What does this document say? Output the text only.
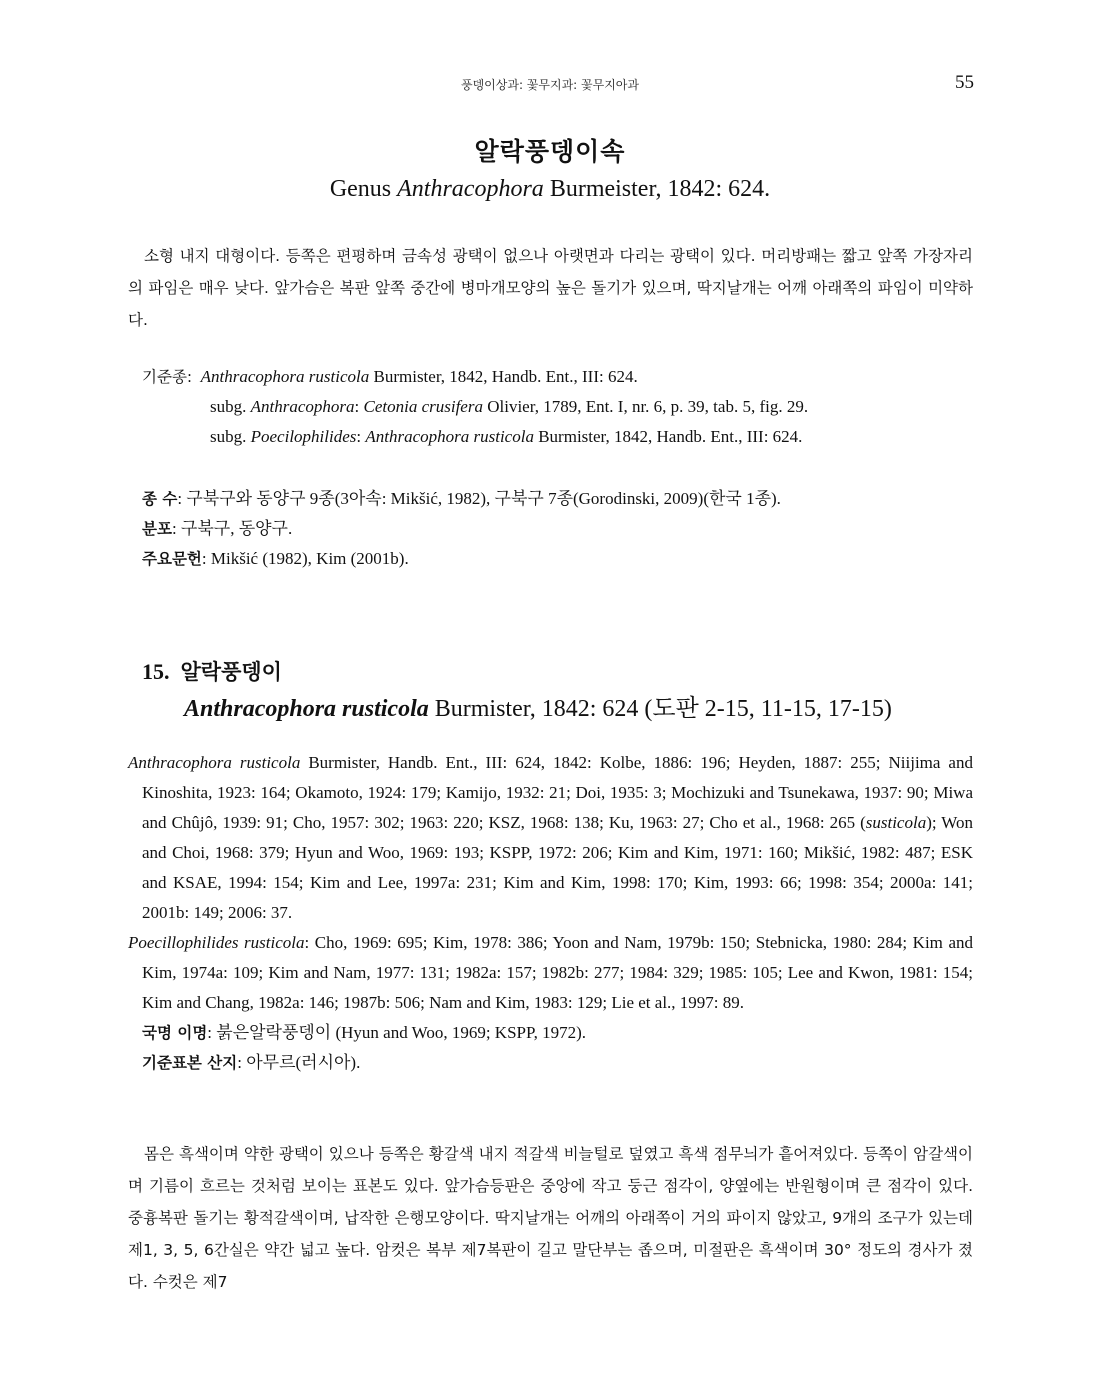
풍뎅이상과: 꽃무지과: 꽃무지아과	55
알락풍뎅이속
Genus Anthracophora Burmeister, 1842: 624.
소형 내지 대형이다. 등쪽은 편평하며 금속성 광택이 없으나 아랫면과 다리는 광택이 있다. 머리방패는 짧고 앞쪽 가장자리의 파임은 매우 낮다. 앞가슴은 복판 앞쪽 중간에 병마개모양의 높은 돌기가 있으며, 딱지날개는 어깨 아래쪽의 파임이 미약하다.
기준종: Anthracophora rusticola Burmister, 1842, Handb. Ent., III: 624.
subg. Anthracophora: Cetonia crusifera Olivier, 1789, Ent. I, nr. 6, p. 39, tab. 5, fig. 29.
subg. Poecilophilides: Anthracophora rusticola Burmister, 1842, Handb. Ent., III: 624.
종 수: 구북구와 동양구 9종(3아속: Mikšić, 1982), 구북구 7종(Gorodinski, 2009)(한국 1종).
분포: 구북구, 동양구.
주요문헌: Mikšić (1982), Kim (2001b).
15. 알락풍뎅이
Anthracophora rusticola Burmister, 1842: 624 (도판 2-15, 11-15, 17-15)
Anthracophora rusticola Burmister, Handb. Ent., III: 624, 1842: Kolbe, 1886: 196; Heyden, 1887: 255; Niijima and Kinoshita, 1923: 164; Okamoto, 1924: 179; Kamijo, 1932: 21; Doi, 1935: 3; Mochizuki and Tsunekawa, 1937: 90; Miwa and Chûjô, 1939: 91; Cho, 1957: 302; 1963: 220; KSZ, 1968: 138; Ku, 1963: 27; Cho et al., 1968: 265 (susticola); Won and Choi, 1968: 379; Hyun and Woo, 1969: 193; KSPP, 1972: 206; Kim and Kim, 1971: 160; Mikšić, 1982: 487; ESK and KSAE, 1994: 154; Kim and Lee, 1997a: 231; Kim and Kim, 1998: 170; Kim, 1993: 66; 1998: 354; 2000a: 141; 2001b: 149; 2006: 37.
Poecillophilides rusticola: Cho, 1969: 695; Kim, 1978: 386; Yoon and Nam, 1979b: 150; Stebnicka, 1980: 284; Kim and Kim, 1974a: 109; Kim and Nam, 1977: 131; 1982a: 157; 1982b: 277; 1984: 329; 1985: 105; Lee and Kwon, 1981: 154; Kim and Chang, 1982a: 146; 1987b: 506; Nam and Kim, 1983: 129; Lie et al., 1997: 89.
국명 이명: 붉은알락풍뎅이 (Hyun and Woo, 1969; KSPP, 1972).
기준표본 산지: 아무르(러시아).
몸은 흑색이며 약한 광택이 있으나 등쪽은 황갈색 내지 적갈색 비늘털로 덮였고 흑색 점무늬가 흩어져있다. 등쪽이 암갈색이며 기름이 흐르는 것처럼 보이는 표본도 있다. 앞가슴등판은 중앙에 작고 둥근 점각이, 양옆에는 반원형이며 큰 점각이 있다. 중흉복판 돌기는 황적갈색이며, 납작한 은행모양이다. 딱지날개는 어깨의 아래쪽이 거의 파이지 않았고, 9개의 조구가 있는데 제1, 3, 5, 6간실은 약간 넓고 높다. 암컷은 복부 제7복판이 길고 말단부는 좁으며, 미절판은 흑색이며 30° 정도의 경사가 졌다. 수컷은 제7
